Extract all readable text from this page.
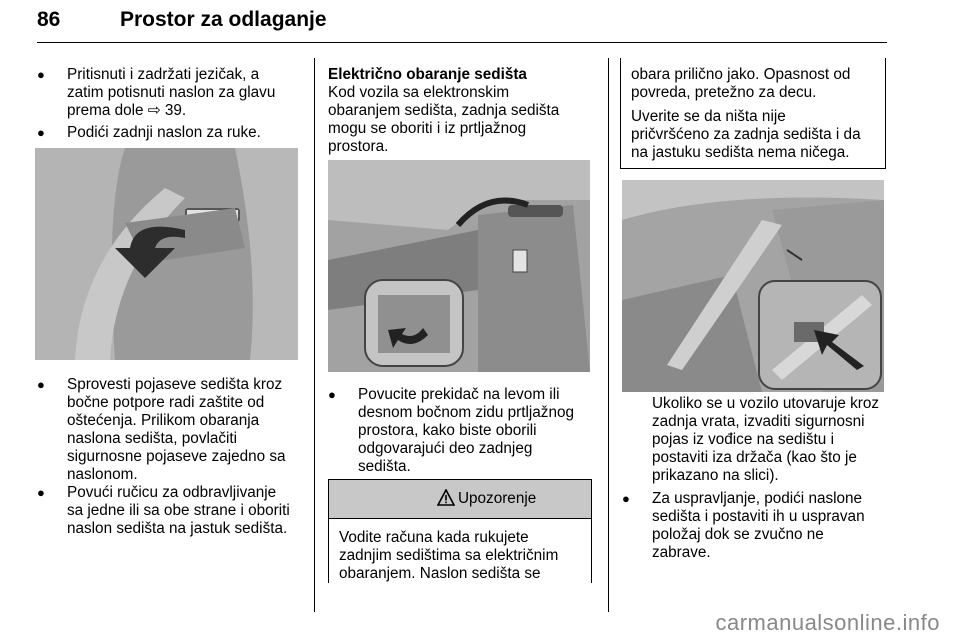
86	Prostor za odlaganje
● Pritisnuti i zadržati jezičak, a
zatim potisnuti naslon za glavu
prema dole ⇨ 39.
● Podići zadnji naslon za ruke.
● Sprovesti pojaseve sedišta kroz
bočne potpore radi zaštite od
oštećenja. Prilikom obaranja
naslona sedišta, povlačiti
sigurnosne pojaseve zajedno sa
naslonom.
● Povući ručicu za odbravljivanje
sa jedne ili sa obe strane i oboriti
naslon sedišta na jastuk sedišta.
Električno obaranje sedišta
Kod vozila sa elektronskim
obaranjem sedišta, zadnja sedišta
mogu se oboriti i iz prtljažnog
prostora.
● Povucite prekidač na levom ili
desnom bočnom zidu prtljažnog
prostora, kako biste oborili
odgovarajući deo zadnjeg
sedišta.
Upozorenje
Vodite računa kada rukujete
zadnjim sedištima sa električnim
obaranjem. Naslon sedišta se
obara prilično jako. Opasnost od
povreda, pretežno za decu.
Uverite se da ništa nije
pričvršćeno za zadnja sedišta i da
na jastuku sedišta nema ničega.
Ukoliko se u vozilo utovaruje kroz
zadnja vrata, izvaditi sigurnosni
pojas iz vođice na sedištu i
postaviti iza držača (kao što je
prikazano na slici).
● Za uspravljanje, podići naslone
sedišta i postaviti ih u uspravan
položaj dok se zvučno ne
zabrave.
carmanualsonline.info
